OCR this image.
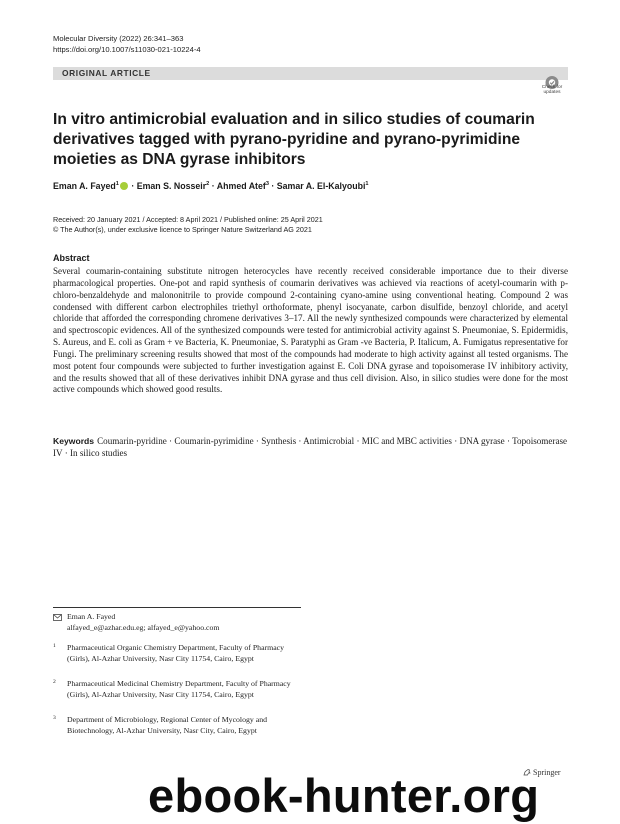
Molecular Diversity (2022) 26:341–363
https://doi.org/10.1007/s11030-021-10224-4
ORIGINAL ARTICLE
Check for
updates
In vitro antimicrobial evaluation and in silico studies of coumarin derivatives tagged with pyrano-pyridine and pyrano-pyrimidine moieties as DNA gyrase inhibitors
Eman A. Fayed$^1$ · Eman S. Nosseir$^2$ · Ahmed Atef$^3$ · Samar A. El-Kalyoubi$^1$
Received: 20 January 2021 / Accepted: 8 April 2021 / Published online: 25 April 2021
© The Author(s), under exclusive licence to Springer Nature Switzerland AG 2021
Abstract
Several coumarin-containing substitute nitrogen heterocycles have recently received considerable importance due to their diverse pharmacological properties. One-pot and rapid synthesis of coumarin derivatives was achieved via reactions of acetyl-coumarin with p-chloro-benzaldehyde and malononitrile to provide compound 2-containing cyano-amine using conventional heating. Compound 2 was condensed with different carbon electrophiles triethyl orthoformate, phenyl isocyanate, carbon disulfide, benzoyl chloride, and acetyl chloride that afforded the corresponding chromene derivatives 3–17. All the newly synthesized compounds were characterized by elemental and spectroscopic evidences. All of the synthesized compounds were tested for antimicrobial activity against S. Pneumoniae, S. Epidermidis, S. Aureus, and E. coli as Gram + ve Bacteria, K. Pneumoniae, S. Paratyphi as Gram -ve Bacteria, P. Italicum, A. Fumigatus representative for Fungi. The preliminary screening results showed that most of the compounds had moderate to high activity against all tested organisms. The most potent four compounds were subjected to further investigation against E. Coli DNA gyrase and topoisomerase IV inhibitory activity, and the results showed that all of these derivatives inhibit DNA gyrase and thus cell division. Also, in silico studies were done for the most active compounds which showed good results.
Keywords Coumarin-pyridine · Coumarin-pyrimidine · Synthesis · Antimicrobial · MIC and MBC activities · DNA gyrase · Topoisomerase IV · In silico studies
Eman A. Fayed
alfayed_e@azhar.edu.eg; alfayed_e@yahoo.com
1 Pharmaceutical Organic Chemistry Department, Faculty of Pharmacy (Girls), Al-Azhar University, Nasr City 11754, Cairo, Egypt
2 Pharmaceutical Medicinal Chemistry Department, Faculty of Pharmacy (Girls), Al-Azhar University, Nasr City 11754, Cairo, Egypt
3 Department of Microbiology, Regional Center of Mycology and Biotechnology, Al-Azhar University, Nasr City, Cairo, Egypt
Springer
ebook-hunter.org
